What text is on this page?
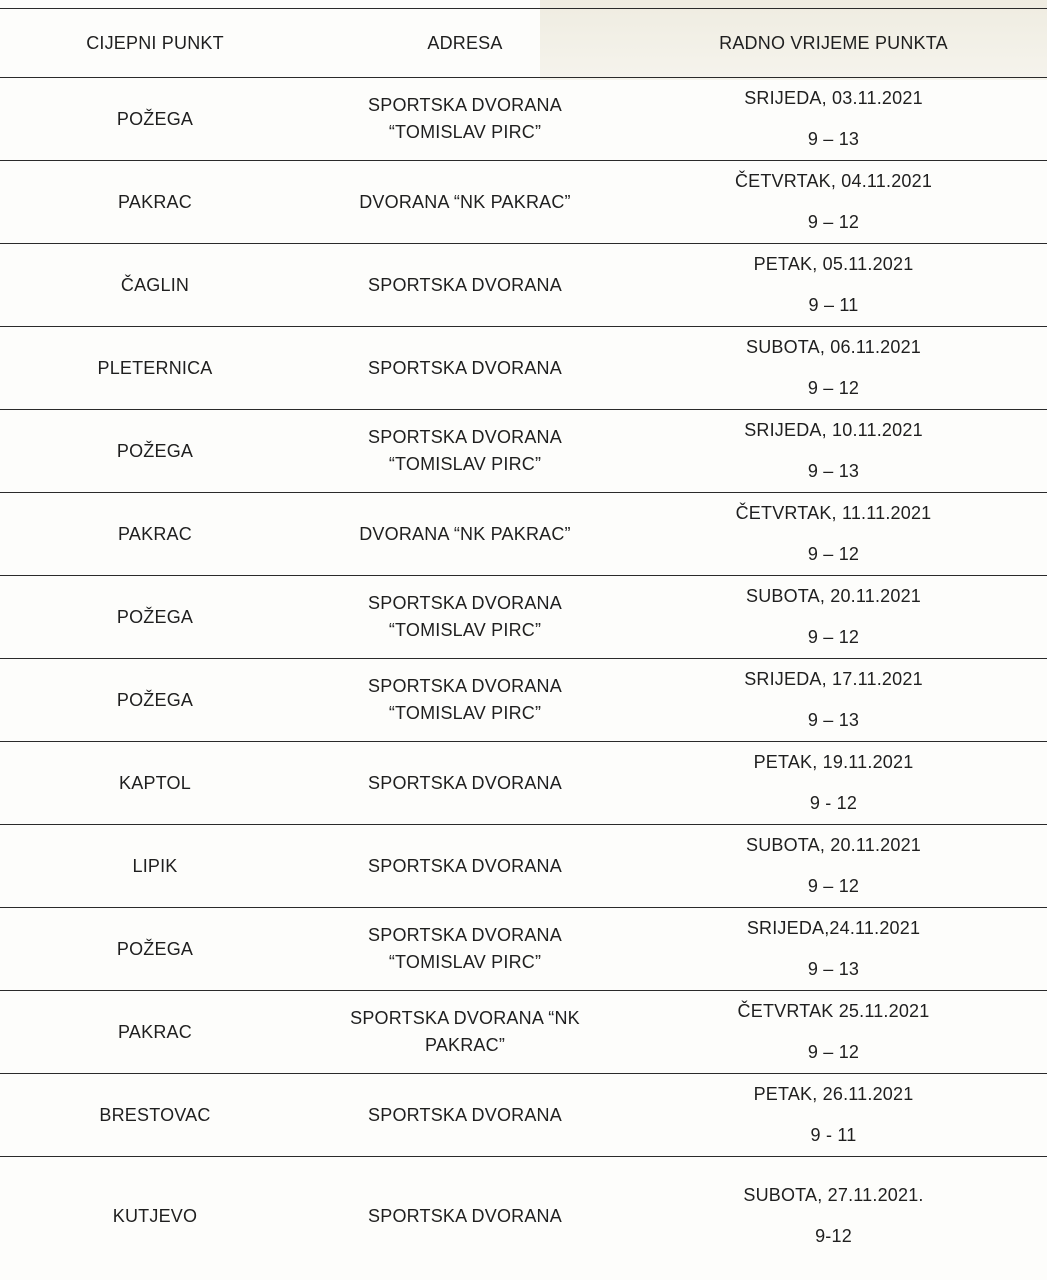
CIJEPNI PUNKT	ADRESA	RADNO VRIJEME PUNKTA
POŽEGA	SPORTSKA DVORANA “TOMISLAV PIRC”	SRIJEDA, 03.11.2021
9 – 13

PAKRAC	DVORANA “NK PAKRAC”	ČETVRTAK, 04.11.2021
9 – 12

ČAGLIN	SPORTSKA DVORANA	PETAK, 05.11.2021
9 – 11

PLETERNICA	SPORTSKA DVORANA	SUBOTA, 06.11.2021
9 – 12

POŽEGA	SPORTSKA DVORANA “TOMISLAV PIRC”	SRIJEDA, 10.11.2021
9 – 13

PAKRAC	DVORANA “NK PAKRAC”	ČETVRTAK, 11.11.2021
9 – 12

POŽEGA	SPORTSKA DVORANA “TOMISLAV PIRC”	SUBOTA, 20.11.2021
9 – 12

POŽEGA	SPORTSKA DVORANA “TOMISLAV PIRC”	SRIJEDA, 17.11.2021
9 – 13

KAPTOL	SPORTSKA DVORANA	PETAK, 19.11.2021
9 - 12

LIPIK	SPORTSKA DVORANA	SUBOTA, 20.11.2021
9 – 12

POŽEGA	SPORTSKA DVORANA “TOMISLAV PIRC”	SRIJEDA,24.11.2021
9 – 13

PAKRAC	SPORTSKA DVORANA “NK PAKRAC”	ČETVRTAK 25.11.2021
9 – 12

BRESTOVAC	SPORTSKA DVORANA	PETAK, 26.11.2021
9 - 11

KUTJEVO	SPORTSKA DVORANA	SUBOTA, 27.11.2021.
9-12
